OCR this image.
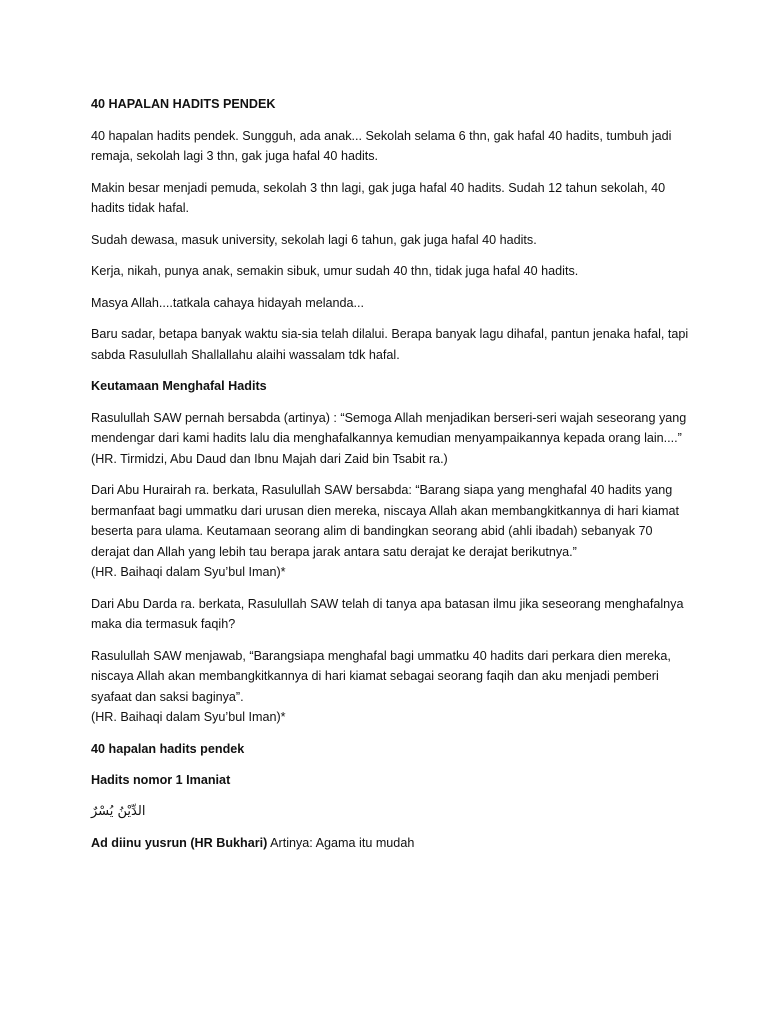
40 HAPALAN HADITS PENDEK
40 hapalan hadits pendek. Sungguh, ada anak... Sekolah selama 6 thn, gak hafal 40 hadits, tumbuh jadi remaja, sekolah lagi 3 thn, gak juga hafal 40 hadits.
Makin besar menjadi pemuda, sekolah 3 thn lagi, gak juga hafal 40 hadits. Sudah 12 tahun sekolah, 40 hadits tidak hafal.
Sudah dewasa, masuk university, sekolah lagi 6 tahun, gak juga hafal 40 hadits.
Kerja, nikah, punya anak, semakin sibuk, umur sudah 40 thn, tidak juga hafal 40 hadits.
Masya Allah....tatkala cahaya hidayah melanda...
Baru sadar, betapa banyak waktu sia-sia telah dilalui. Berapa banyak lagu dihafal, pantun jenaka hafal, tapi sabda Rasulullah Shallallahu alaihi wassalam tdk hafal.
Keutamaan Menghafal Hadits
Rasulullah SAW pernah bersabda (artinya) : “Semoga Allah menjadikan berseri-seri wajah seseorang yang mendengar dari kami hadits lalu dia menghafalkannya kemudian menyampaikannya kepada orang lain....”
(HR. Tirmidzi, Abu Daud dan Ibnu Majah dari Zaid bin Tsabit ra.)
Dari Abu Hurairah ra. berkata, Rasulullah SAW bersabda: “Barang siapa yang menghafal 40 hadits yang bermanfaat bagi ummatku dari urusan dien mereka, niscaya Allah akan membangkitkannya di hari kiamat beserta para ulama. Keutamaan seorang alim di bandingkan seorang abid (ahli ibadah) sebanyak 70 derajat dan Allah yang lebih tau berapa jarak antara satu derajat ke derajat berikutnya.”
(HR. Baihaqi dalam Syu’bul Iman)*
Dari Abu Darda ra. berkata, Rasulullah SAW telah di tanya apa batasan ilmu jika seseorang menghafalnya maka dia termasuk faqih?
Rasulullah SAW menjawab, “Barangsiapa menghafal bagi ummatku 40 hadits dari perkara dien mereka, niscaya Allah akan membangkitkannya di hari kiamat sebagai seorang faqih dan aku menjadi pemberi syafaat dan saksi baginya”.
(HR. Baihaqi dalam Syu’bul Iman)*
40 hapalan hadits pendek
Hadits nomor 1 Imaniat
الدِّيْنُ يُسْرٌ
Ad diinu yusrun (HR Bukhari) Artinya: Agama itu mudah
